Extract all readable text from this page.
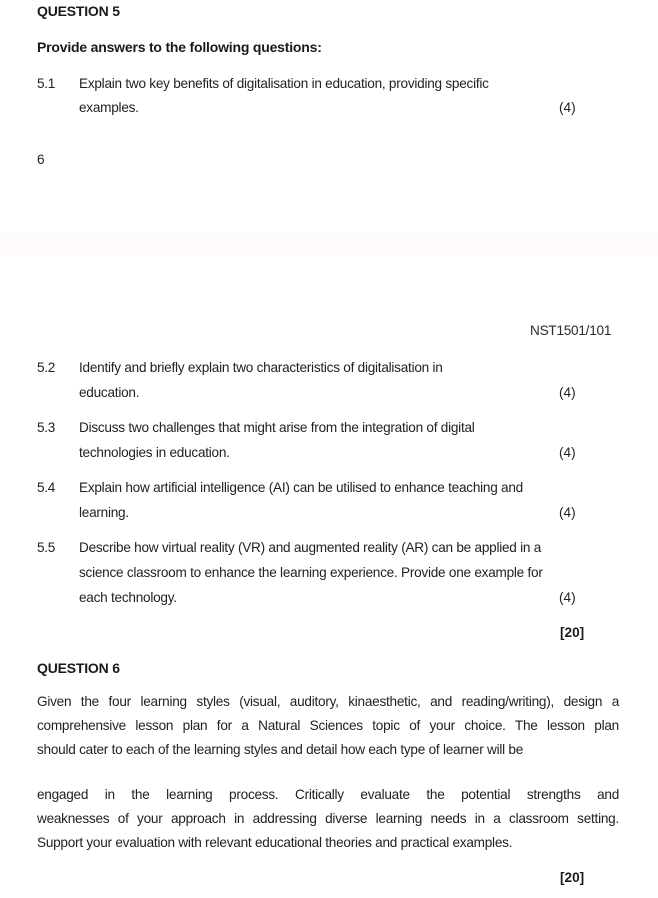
QUESTION 5
Provide answers to the following questions:
5.1 Explain two key benefits of digitalisation in education, providing specific
examples.	(4)
6
NST1501/101
5.2 Identify and briefly explain two characteristics of digitalisation in
education.	(4)
5.3 Discuss two challenges that might arise from the integration of digital
technologies in education.	(4)
5.4 Explain how artificial intelligence (AI) can be utilised to enhance teaching and
learning.	(4)
5.5 Describe how virtual reality (VR) and augmented reality (AR) can be applied in a
science classroom to enhance the learning experience. Provide one example for
each technology.	(4)
[20]
QUESTION 6
Given the four learning styles (visual, auditory, kinaesthetic, and reading/writing), design a
comprehensive lesson plan for a Natural Sciences topic of your choice. The lesson plan
should cater to each of the learning styles and detail how each type of learner will be
engaged in the learning process. Critically evaluate the potential strengths and
weaknesses of your approach in addressing diverse learning needs in a classroom setting.
Support your evaluation with relevant educational theories and practical examples.
[20]
